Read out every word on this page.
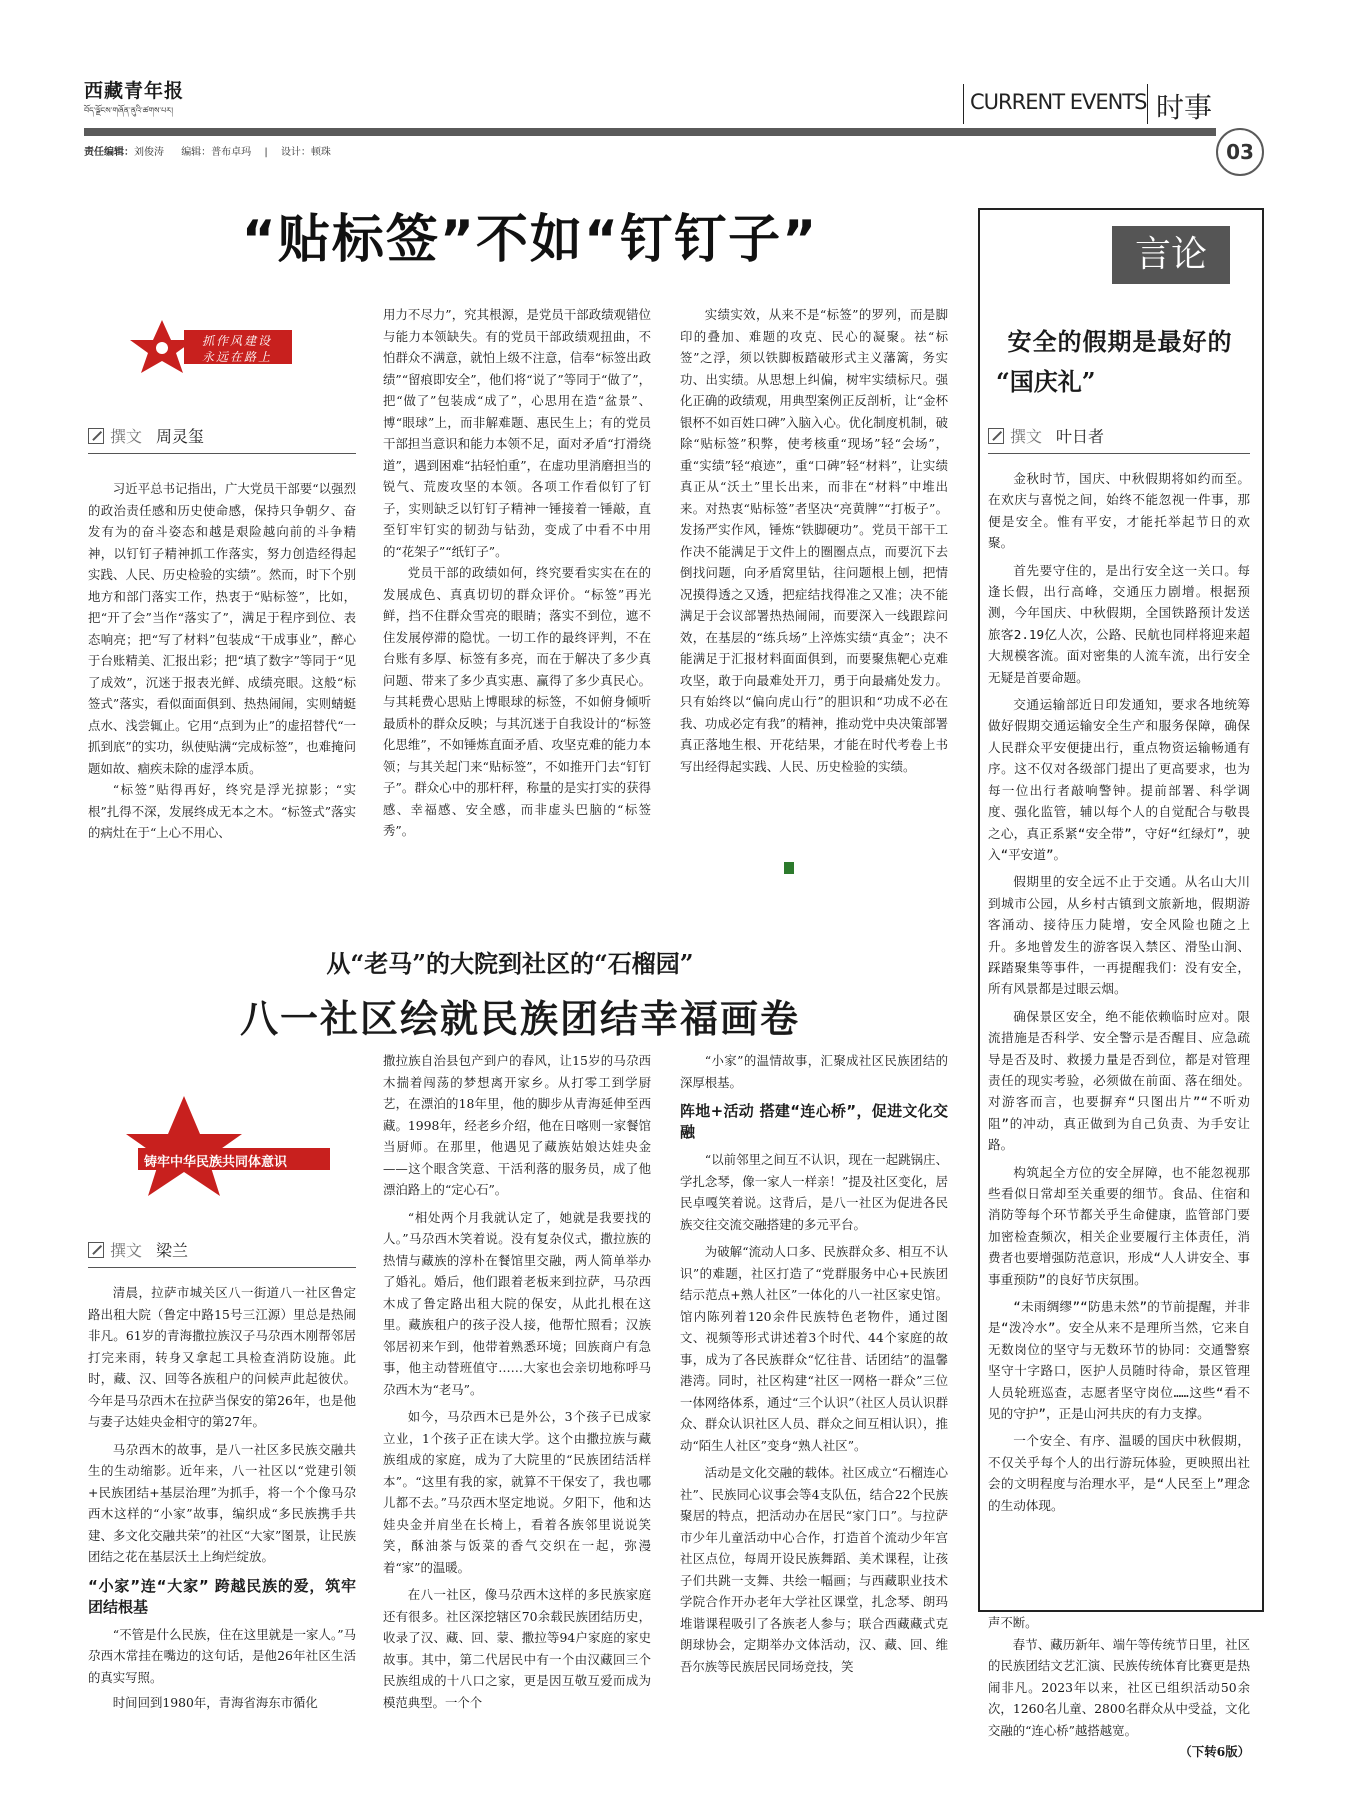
西藏青年报
བོད་ལྗོངས་གཞོན་ནུའི་ཚགས་པར།	CURRENT EVENTS 时事
03
责任编辑：刘俊涛 编辑：普布卓玛 | 设计：顿珠
“贴标签”不如“钉钉子”
抓作风建设
永远在路上
撰文 周灵玺

习近平总书记指出，广大党员干部要“以强烈的政治责任感和历史使命感，保持只争朝夕、奋发有为的奋斗姿态和越是艰险越向前的斗争精神，以钉钉子精神抓工作落实，努力创造经得起实践、人民、历史检验的实绩”。然而，时下个别地方和部门落实工作，热衷于“贴标签”，比如，把“开了会”当作“落实了”，满足于程序到位、表态响亮；把“写了材料”包装成“干成事业”，醉心于台账精美、汇报出彩；把“填了数字”等同于“见了成效”，沉迷于报表光鲜、成绩亮眼。这般“标签式”落实，看似面面俱到、热热闹闹，实则蜻蜓点水、浅尝辄止。它用“点到为止”的虚招替代“一抓到底”的实功，纵使贴满“完成标签”，也难掩问题如故、痼疾未除的虚浮本质。

“标签”贴得再好，终究是浮光掠影；“实根”扎得不深，发展终成无本之木。“标签式”落实的病灶在于“上心不用心、

用力不尽力”，究其根源，是党员干部政绩观错位与能力本领缺失。有的党员干部政绩观扭曲，不怕群众不满意，就怕上级不注意，信奉“标签出政绩”“留痕即安全”，他们将“说了”等同于“做了”，把“做了”包装成“成了”，心思用在造“盆景”、博“眼球”上，而非解难题、惠民生上；有的党员干部担当意识和能力本领不足，面对矛盾“打滑绕道”，遇到困难“拈轻怕重”，在虚功里消磨担当的锐气、荒废攻坚的本领。各项工作看似钉了钉子，实则缺乏以钉钉子精神一锤接着一锤敲，直至钉牢钉实的韧劲与钻劲，变成了中看不中用的“花架子”“纸钉子”。

党员干部的政绩如何，终究要看实实在在的发展成色、真真切切的群众评价。“标签”再光鲜，挡不住群众雪亮的眼睛；落实不到位，遮不住发展停滞的隐忧。一切工作的最终评判，不在台账有多厚、标签有多亮，而在于解决了多少真问题、带来了多少真实惠、赢得了多少真民心。与其耗费心思贴上博眼球的标签，不如俯身倾听最质朴的群众反映；与其沉迷于自我设计的“标签化思维”，不如锤炼直面矛盾、攻坚克难的能力本领；与其关起门来“贴标签”，不如推开门去“钉钉子”。群众心中的那杆秤，称量的是实打实的获得感、幸福感、安全感，而非虚头巴脑的“标签秀”。

实绩实效，从来不是“标签”的罗列，而是脚印的叠加、难题的攻克、民心的凝聚。祛“标签”之浮，须以铁脚板踏破形式主义藩篱，务实功、出实绩。从思想上纠偏，树牢实绩标尺。强化正确的政绩观，用典型案例正反剖析，让“金杯银杯不如百姓口碑”入脑入心。优化制度机制，破除“贴标签”积弊，使考核重“现场”轻“会场”，重“实绩”轻“痕迹”，重“口碑”轻“材料”，让实绩真正从“沃土”里长出来，而非在“材料”中堆出来。对热衷“贴标签”者坚决“亮黄牌”“打板子”。发扬严实作风，锤炼“铁脚硬功”。党员干部干工作决不能满足于文件上的圈圈点点，而要沉下去倒找问题，向矛盾窝里钻，往问题根上刨，把情况摸得透之又透，把症结找得准之又准；决不能满足于会议部署热热闹闹，而要深入一线跟踪问效，在基层的“练兵场”上淬炼实绩“真金”；决不能满足于汇报材料面面俱到，而要聚焦靶心克难攻坚，敢于向最难处开刀，勇于向最痛处发力。只有始终以“偏向虎山行”的胆识和“功成不必在我、功成必定有我”的精神，推动党中央决策部署真正落地生根、开花结果，才能在时代考卷上书写出经得起实践、人民、历史检验的实绩。

言论
安全的假期是最好的
“国庆礼”
撰文 叶日者

金秋时节，国庆、中秋假期将如约而至。在欢庆与喜悦之间，始终不能忽视一件事，那便是安全。惟有平安，才能托举起节日的欢聚。

首先要守住的，是出行安全这一关口。每逢长假，出行高峰，交通压力剧增。根据预测，今年国庆、中秋假期，全国铁路预计发送旅客2.19亿人次，公路、民航也同样将迎来超大规模客流。面对密集的人流车流，出行安全无疑是首要命题。

交通运输部近日印发通知，要求各地统筹做好假期交通运输安全生产和服务保障，确保人民群众平安便捷出行，重点物资运输畅通有序。这不仅对各级部门提出了更高要求，也为每一位出行者敲响警钟。提前部署、科学调度、强化监管，辅以每个人的自觉配合与敬畏之心，真正系紧“安全带”，守好“红绿灯”，驶入“平安道”。

假期里的安全远不止于交通。从名山大川到城市公园，从乡村古镇到文旅新地，假期游客涌动、接待压力陡增，安全风险也随之上升。多地曾发生的游客误入禁区、滑坠山涧、踩踏聚集等事件，一再提醒我们：没有安全，所有风景都是过眼云烟。

确保景区安全，绝不能依赖临时应对。限流措施是否科学、安全警示是否醒目、应急疏导是否及时、救援力量是否到位，都是对管理责任的现实考验，必须做在前面、落在细处。对游客而言，也要摒弃“只图出片”“不听劝阻”的冲动，真正做到为自己负责、为手安让路。

构筑起全方位的安全屏障，也不能忽视那些看似日常却至关重要的细节。食品、住宿和消防等每个环节都关乎生命健康，监管部门要加密检查频次，相关企业要履行主体责任，消费者也要增强防范意识，形成“人人讲安全、事事重预防”的良好节庆氛围。

“未雨绸缪”“防患未然”的节前提醒，并非是“泼冷水”。安全从来不是理所当然，它来自无数岗位的坚守与无数环节的协同：交通警察坚守十字路口，医护人员随时待命，景区管理人员轮班巡查，志愿者坚守岗位……这些“看不见的守护”，正是山河共庆的有力支撑。

一个安全、有序、温暖的国庆中秋假期，不仅关乎每个人的出行游玩体验，更映照出社会的文明程度与治理水平，是“人民至上”理念的生动体现。

从“老马”的大院到社区的“石榴园”
八一社区绘就民族团结幸福画卷
铸牢中华民族共同体意识
撰文 梁兰

清晨，拉萨市城关区八一街道八一社区鲁定路出租大院（鲁定中路15号三江源）里总是热闹非凡。61岁的青海撒拉族汉子马尕西木刚帮邻居打完来雨，转身又拿起工具检查消防设施。此时，藏、汉、回等各族租户的问候声此起彼伏。今年是马尕西木在拉萨当保安的第26年，也是他与妻子达娃央金相守的第27年。

马尕西木的故事，是八一社区多民族交融共生的生动缩影。近年来，八一社区以“党建引领+民族团结+基层治理”为抓手，将一个个像马尕西木这样的“小家”故事，编织成“多民族携手共建、多文化交融共荣”的社区“大家”图景，让民族团结之花在基层沃土上绚烂绽放。

“小家”连“大家” 跨越民族的爱，筑牢团结根基

“不管是什么民族，住在这里就是一家人。”马尕西木常挂在嘴边的这句话，是他26年社区生活的真实写照。

时间回到1980年，青海省海东市循化

撒拉族自治县包产到户的春风，让15岁的马尕西木揣着闯荡的梦想离开家乡。从打零工到学厨艺，在漂泊的18年里，他的脚步从青海延伸至西藏。1998年，经老乡介绍，他在日喀则一家餐馆当厨师。在那里，他遇见了藏族姑娘达娃央金——这个眼含笑意、干活利落的服务员，成了他漂泊路上的“定心石”。

“相处两个月我就认定了，她就是我要找的人。”马尕西木笑着说。没有复杂仪式，撒拉族的热情与藏族的淳朴在餐馆里交融，两人简单举办了婚礼。婚后，他们跟着老板来到拉萨，马尕西木成了鲁定路出租大院的保安，从此扎根在这里。藏族租户的孩子没人接，他帮忙照看；汉族邻居初来乍到，他带着熟悉环境；回族商户有急事，他主动替班值守……大家也会亲切地称呼马尕西木为“老马”。

如今，马尕西木已是外公，3个孩子已成家立业，1个孩子正在读大学。这个由撒拉族与藏族组成的家庭，成为了大院里的“民族团结活样本”。“这里有我的家，就算不干保安了，我也哪儿都不去。”马尕西木坚定地说。夕阳下，他和达娃央金并肩坐在长椅上，看着各族邻里说说笑笑，酥油茶与饭菜的香气交织在一起，弥漫着“家”的温暖。

在八一社区，像马尕西木这样的多民族家庭还有很多。社区深挖辖区70余载民族团结历史，收录了汉、藏、回、蒙、撒拉等94户家庭的家史故事。其中，第二代居民中有一个由汉藏回三个民族组成的十八口之家，更是因互敬互爱而成为模范典型。一个个

“小家”的温情故事，汇聚成社区民族团结的深厚根基。

阵地+活动 搭建“连心桥”，促进文化交融

“以前邻里之间互不认识，现在一起跳锅庄、学扎念琴，像一家人一样亲！”提及社区变化，居民卓嘎笑着说。这背后，是八一社区为促进各民族交往交流交融搭建的多元平台。

为破解“流动人口多、民族群众多、相互不认识”的难题，社区打造了“党群服务中心+民族团结示范点+熟人社区”一体化的八一社区家史馆。馆内陈列着120余件民族特色老物件，通过图文、视频等形式讲述着3个时代、44个家庭的故事，成为了各民族群众“忆往昔、话团结”的温馨港湾。同时，社区构建“社区一网格一群众”三位一体网络体系，通过“三个认识”（社区人员认识群众、群众认识社区人员、群众之间互相认识），推动“陌生人社区”变身“熟人社区”。

活动是文化交融的载体。社区成立“石榴连心社”、民族同心议事会等4支队伍，结合22个民族聚居的特点，把活动办在居民“家门口”。与拉萨市少年儿童活动中心合作，打造首个流动少年宫社区点位，每周开设民族舞蹈、美术课程，让孩子们共跳一支舞、共绘一幅画；与西藏职业技术学院合作开办老年大学社区课堂，扎念琴、朗玛堆谐课程吸引了各族老人参与；联合西藏藏式克朗球协会，定期举办文体活动，汉、藏、回、维吾尔族等民族居民同场竞技，笑

声不断。

春节、藏历新年、端午等传统节日里，社区的民族团结文艺汇演、民族传统体育比赛更是热闹非凡。2023年以来，社区已组织活动50余次，1260名儿童、2800名群众从中受益，文化交融的“连心桥”越搭越宽。

（下转6版）
